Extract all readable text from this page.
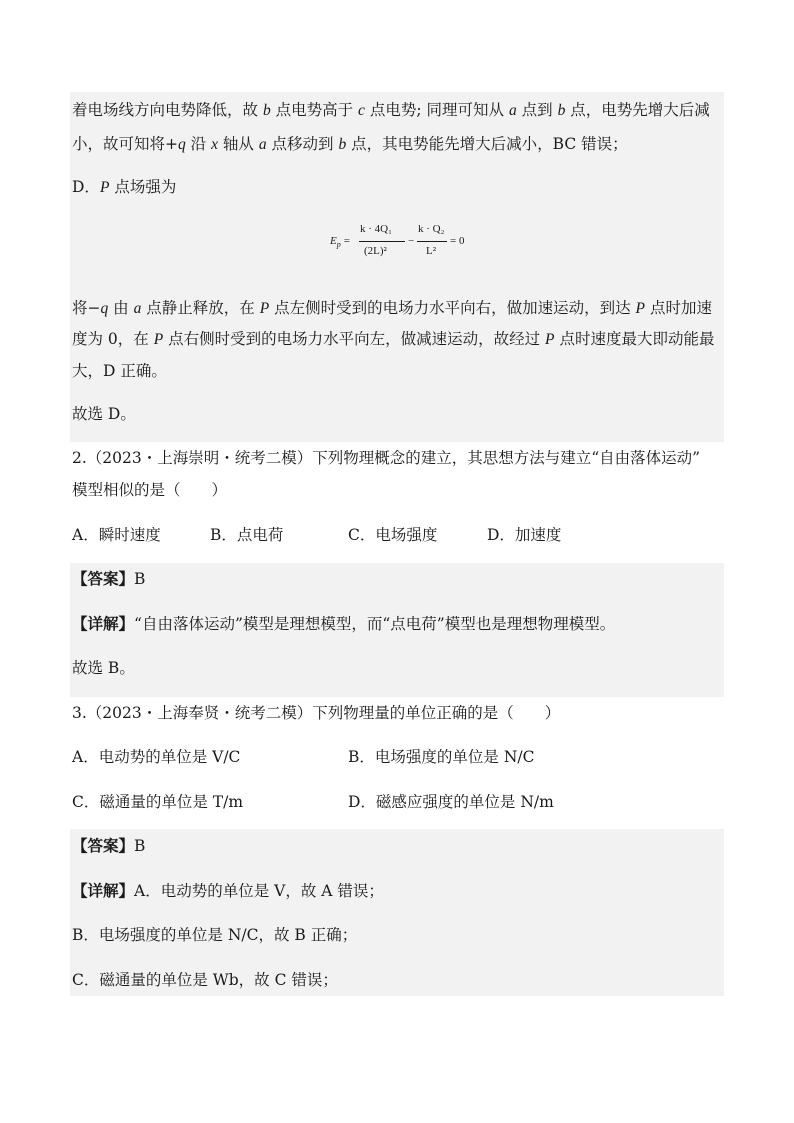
着电场线方向电势降低，故 b 点电势高于 c 点电势; 同理可知从 a 点到 b 点，电势先增大后减
小，故可知将+q 沿 x 轴从 a 点移动到 b 点，其电势能先增大后减小，BC 错误；
D．P 点场强为
$E_p$ =
k · 4Q₁
(2L)²
−
k · Q₂
L²
= 0
将−q 由 a 点静止释放，在 P 点左侧时受到的电场力水平向右，做加速运动，到达 P 点时加速
度为 0，在 P 点右侧时受到的电场力水平向左，做减速运动，故经过 P 点时速度最大即动能最
大，D 正确。
故选 D。
2.（2023・上海崇明・统考二模）下列物理概念的建立，其思想方法与建立“自由落体运动”
模型相似的是（　　）
A．瞬时速度	B．点电荷	C．电场强度	D．加速度
【答案】B
【详解】“自由落体运动”模型是理想模型，而“点电荷”模型也是理想物理模型。
故选 B。
3.（2023・上海奉贤・统考二模）下列物理量的单位正确的是（　　）
A．电动势的单位是 V/C	B．电场强度的单位是 N/C
C．磁通量的单位是 T/m	D．磁感应强度的单位是 N/m
【答案】B
【详解】A．电动势的单位是 V，故 A 错误；
B．电场强度的单位是 N/C，故 B 正确；
C．磁通量的单位是 Wb，故 C 错误；
